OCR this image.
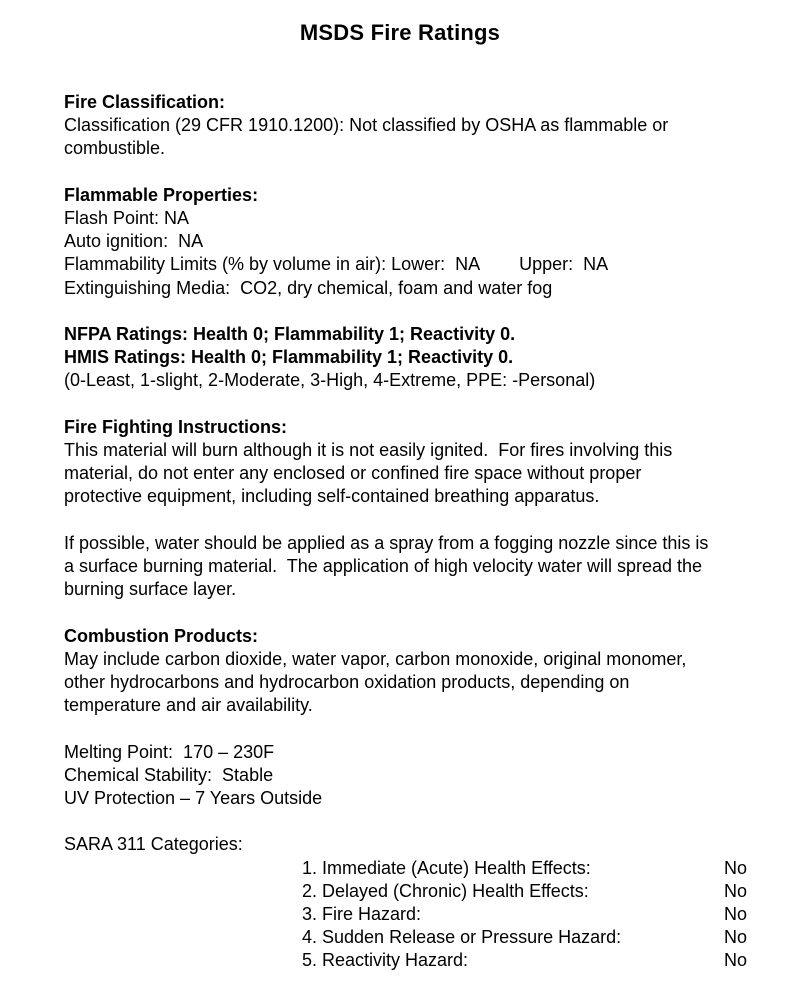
MSDS Fire Ratings
Fire Classification:
Classification (29 CFR 1910.1200): Not classified by OSHA as flammable or
combustible.
Flammable Properties:
Flash Point: NA
Auto ignition:  NA
Flammability Limits (% by volume in air): Lower:  NA        Upper:  NA
Extinguishing Media:  CO2, dry chemical, foam and water fog
NFPA Ratings: Health 0; Flammability 1; Reactivity 0.
HMIS Ratings: Health 0; Flammability 1; Reactivity 0.
(0-Least, 1-slight, 2-Moderate, 3-High, 4-Extreme, PPE: -Personal)
Fire Fighting Instructions:
This material will burn although it is not easily ignited.  For fires involving this
material, do not enter any enclosed or confined fire space without proper
protective equipment, including self-contained breathing apparatus.
If possible, water should be applied as a spray from a fogging nozzle since this is
a surface burning material.  The application of high velocity water will spread the
burning surface layer.
Combustion Products:
May include carbon dioxide, water vapor, carbon monoxide, original monomer,
other hydrocarbons and hydrocarbon oxidation products, depending on
temperature and air availability.
Melting Point:  170 – 230F
Chemical Stability:  Stable
UV Protection – 7 Years Outside
SARA 311 Categories:
1. Immediate (Acute) Health Effects:	No
2. Delayed (Chronic) Health Effects:	No
3. Fire Hazard:	No
4. Sudden Release or Pressure Hazard:	No
5. Reactivity Hazard:	No
